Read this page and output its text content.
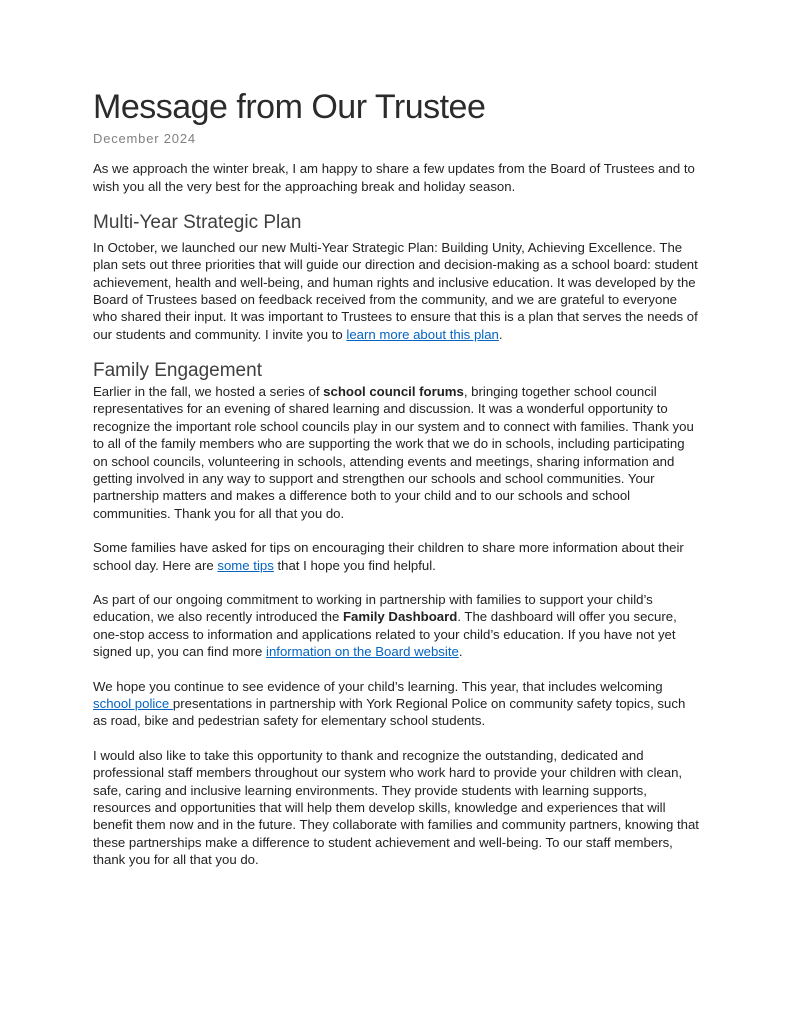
Message from Our Trustee
December 2024

As we approach the winter break, I am happy to share a few updates from the Board of Trustees and to wish you all the very best for the approaching break and holiday season.

Multi-Year Strategic Plan

In October, we launched our new Multi-Year Strategic Plan: Building Unity, Achieving Excellence. The plan sets out three priorities that will guide our direction and decision-making as a school board: student achievement, health and well-being, and human rights and inclusive education. It was developed by the Board of Trustees based on feedback received from the community, and we are grateful to everyone who shared their input. It was important to Trustees to ensure that this is a plan that serves the needs of our students and community. I invite you to learn more about this plan.

Family Engagement

Earlier in the fall, we hosted a series of school council forums, bringing together school council representatives for an evening of shared learning and discussion. It was a wonderful opportunity to recognize the important role school councils play in our system and to connect with families. Thank you to all of the family members who are supporting the work that we do in schools, including participating on school councils, volunteering in schools, attending events and meetings, sharing information and getting involved in any way to support and strengthen our schools and school communities. Your partnership matters and makes a difference both to your child and to our schools and school communities. Thank you for all that you do.

Some families have asked for tips on encouraging their children to share more information about their school day. Here are some tips that I hope you find helpful.

As part of our ongoing commitment to working in partnership with families to support your child’s education, we also recently introduced the Family Dashboard. The dashboard will offer you secure, one-stop access to information and applications related to your child’s education. If you have not yet signed up, you can find more information on the Board website.

We hope you continue to see evidence of your child’s learning. This year, that includes welcoming school police presentations in partnership with York Regional Police on community safety topics, such as road, bike and pedestrian safety for elementary school students.

I would also like to take this opportunity to thank and recognize the outstanding, dedicated and professional staff members throughout our system who work hard to provide your children with clean, safe, caring and inclusive learning environments. They provide students with learning supports, resources and opportunities that will help them develop skills, knowledge and experiences that will benefit them now and in the future. They collaborate with families and community partners, knowing that these partnerships make a difference to student achievement and well-being. To our staff members, thank you for all that you do.
